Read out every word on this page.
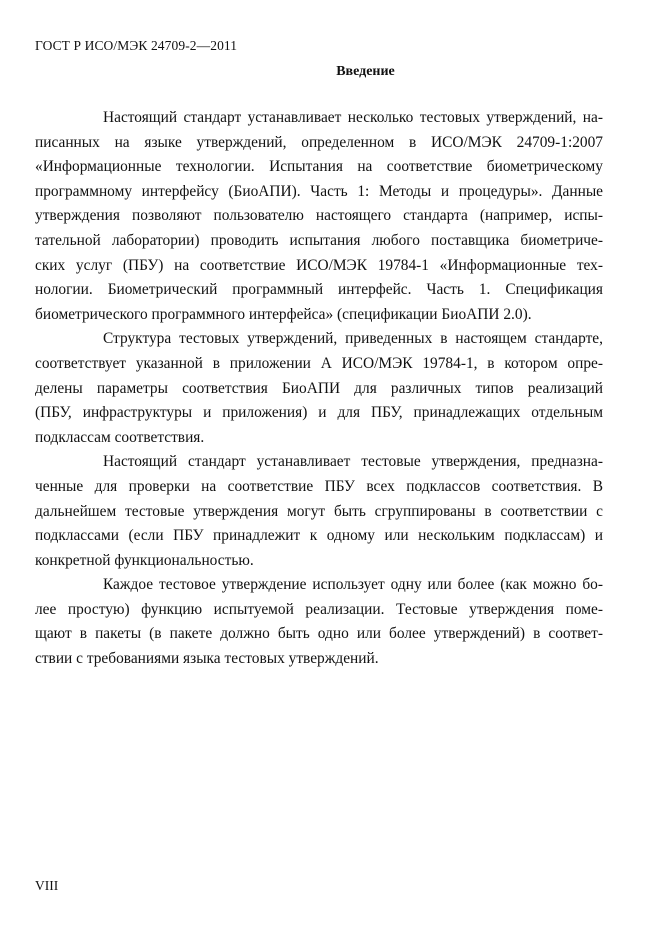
ГОСТ Р ИСО/МЭК 24709-2—2011
Введение
Настоящий стандарт устанавливает несколько тестовых утверждений, на-
писанных на языке утверждений, определенном в ИСО/МЭК 24709-1:2007
«Информационные технологии. Испытания на соответствие биометрическому
программному интерфейсу (БиоАПИ). Часть 1: Методы и процедуры». Данные
утверждения позволяют пользователю настоящего стандарта (например, испы-
тательной лаборатории) проводить испытания любого поставщика биометриче-
ских услуг (ПБУ) на соответствие ИСО/МЭК 19784-1 «Информационные тех-
нологии. Биометрический программный интерфейс. Часть 1. Спецификация
биометрического программного интерфейса» (спецификации БиоАПИ 2.0).
Структура тестовых утверждений, приведенных в настоящем стандарте,
соответствует указанной в приложении А ИСО/МЭК 19784-1, в котором опре-
делены параметры соответствия БиоАПИ для различных типов реализаций
(ПБУ, инфраструктуры и приложения) и для ПБУ, принадлежащих отдельным
подклассам соответствия.
Настоящий стандарт устанавливает тестовые утверждения, предназна-
ченные для проверки на соответствие ПБУ всех подклассов соответствия. В
дальнейшем тестовые утверждения могут быть сгруппированы в соответствии с
подклассами (если ПБУ принадлежит к одному или нескольким подклассам) и
конкретной функциональностью.
Каждое тестовое утверждение использует одну или более (как можно бо-
лее простую) функцию испытуемой реализации. Тестовые утверждения поме-
щают в пакеты (в пакете должно быть одно или более утверждений) в соответ-
ствии с требованиями языка тестовых утверждений.
VIII
